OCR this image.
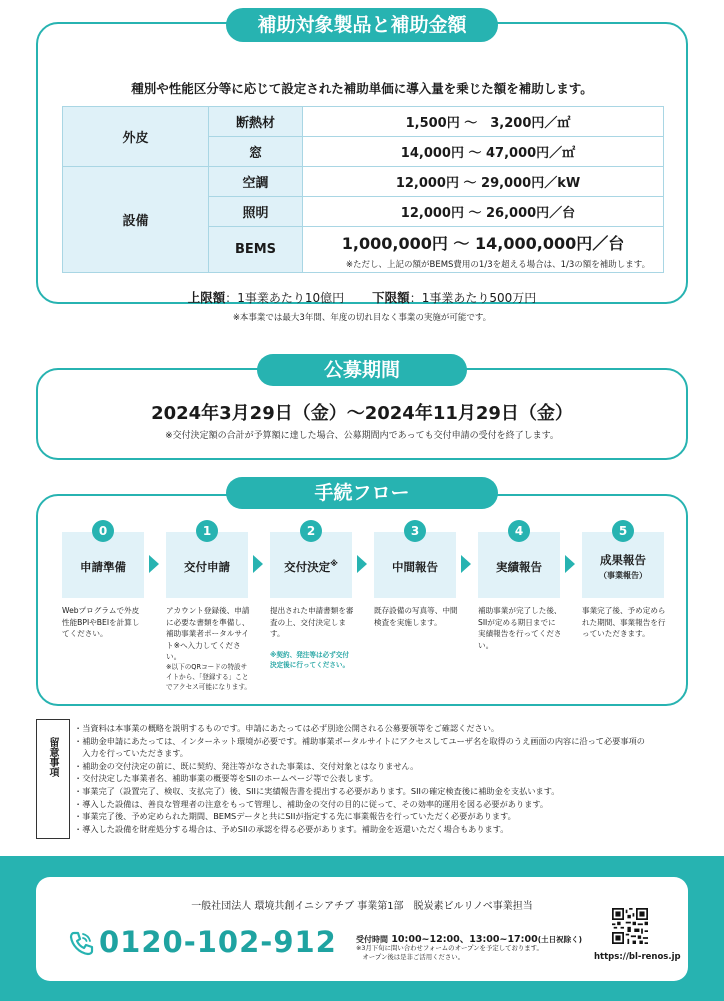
種別や性能区分等に応じて設定された補助単価に導入量を乗じた額を補助します。
外皮	断熱材	1,500円 ～　3,200円／㎡
	窓	14,000円 ～ 47,000円／㎡
設備	空調	12,000円 ～ 29,000円／kW
	照明	12,000円 ～ 26,000円／台
	BEMS	1,000,000円 ～ 14,000,000円／台
※ただし、上記の額がBEMS費用の1/3を超える場合は、1/3の額を補助します。
補助対象製品と補助金額
上限額：1事業あたり10億円 下限額：1事業あたり500万円
※本事業では最大3年間、年度の切れ目なく事業の実施が可能です。
公募期間
2024年3月29日（金）～2024年11月29日（金）
※交付決定額の合計が予算額に達した場合、公募期間内であっても交付申請の受付を終了します。
手続フロー
申請準備
0
交付申請
1
交付決定※
2
中間報告
3
実績報告
4
成果報告
（事業報告）
5
Webプログラムで外皮性能BPIやBEIを計算してください。
アカウント登録後、申請に必要な書類を準備し、補助事業者ポータルサイト※へ入力してください。
※以下のQRコードの特設サイトから、「登録する」ことでアクセス可能になります。
提出された申請書類を審査の上、交付決定します。
※契約、発注等は必ず交付決定後に行ってください。
既存設備の写真等、中間検査を実施します。
補助事業が完了した後、SIIが定める期日までに実績報告を行ってください。
事業完了後、予め定められた期間、事業報告を行っていただきます。
留意事項
・当資料は本事業の概略を説明するものです。申請にあたっては必ず別途公開される公募要領等をご確認ください。
・補助金申請にあたっては、インターネット環境が必要です。補助事業ポータルサイトにアクセスしてユーザ名を取得のうえ画面の内容に沿って必要事項の
　入力を行っていただきます。
・補助金の交付決定の前に、既に契約、発注等がなされた事業は、交付対象とはなりません。
・交付決定した事業者名、補助事業の概要等をSIIのホームページ等で公表します。
・事業完了（設置完了、検収、支払完了）後、SIIに実績報告書を提出する必要があります。SIIの確定検査後に補助金を支払います。
・導入した設備は、善良な管理者の注意をもって管理し、補助金の交付の目的に従って、その効率的運用を図る必要があります。
・事業完了後、予め定められた期間、BEMSデータと共にSIIが指定する先に事業報告を行っていただく必要があります。
・導入した設備を財産処分する場合は、予めSIIの承認を得る必要があります。補助金を返還いただく場合もあります。
一般社団法人 環境共創イニシアチブ 事業第1部　脱炭素ビルリノベ事業担当
0120-102-912 受付時間 10:00~12:00、13:00~17:00(土日祝除く)
※3月下旬に問い合わせフォームのオープンを予定しております。
　オープン後は是非ご活用ください。	https://bl-renos.jp
